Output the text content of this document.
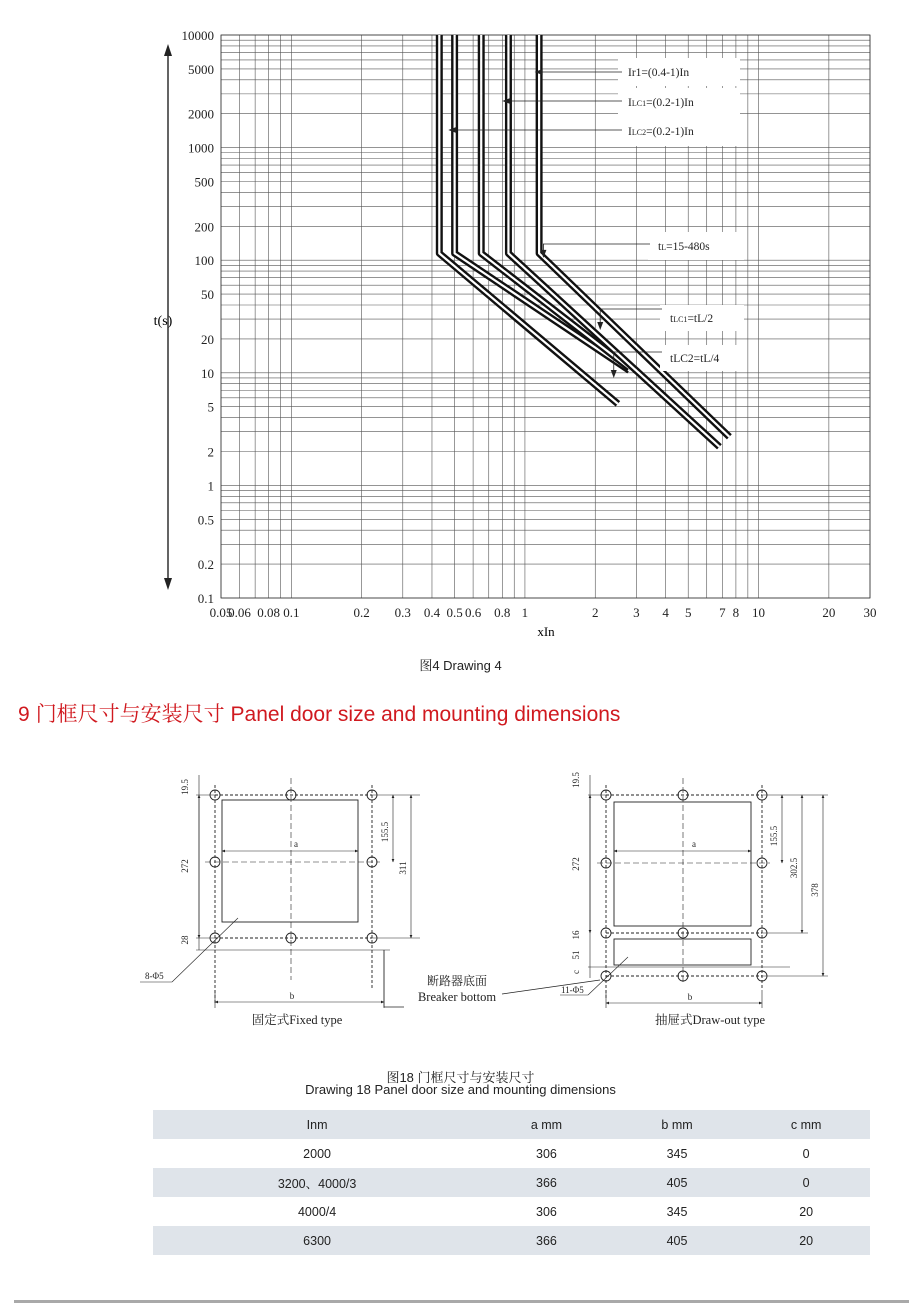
0.05
0.06 0.08 0.1	0.2 0.3 0.4 0.5 0.6 0.8 1	2	3 4 5 7 8 10	20 30
10000
5000
2000
1000
500
200
100
50
20
10
5
2
1
0.5
0.2
0.1
Ir1=(0.4-1)In
ILC1=(0.2-1)In
ILC2=(0.2-1)In
tL=15-480s
tLC1=tL/2
tLC2=tL/4
t(s)
xIn
图4 Drawing 4
9 门框尺寸与安装尺寸 Panel door size and mounting dimensions
19.5
272
28
155.5
311
a
b
8-Φ5
固定式Fixed type
断路器底面
Breaker bottom
19.5
272
16
51
c
155.5
302.5
378
a
b
11-Φ5
抽屉式Draw-out type
图18 门框尺寸与安装尺寸
Drawing 18 Panel door size and mounting dimensions
Inm	a mm	b mm	c mm
2000	306	345	0
3200、4000/3	366	405	0
4000/4	306	345	20
6300	366	405	20
